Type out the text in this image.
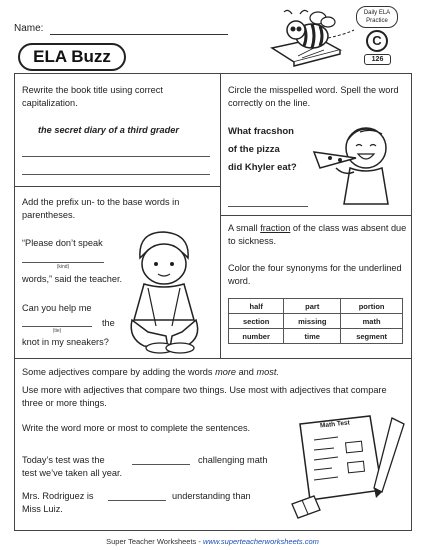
Name:
ELA Buzz
Daily ELA
Practice
C
126
Rewrite the book title using correct capitalization.
the secret diary of a third grader
Circle the misspelled word. Spell the word correctly on the line.
What fracshon
of the pizza
did Khyler eat?
Add the prefix un- to the base words in parentheses.
“Please don’t speak
(kind)
words,” said the teacher.
Can you help me
(tie)
the
knot in my sneakers?
A small fraction of the class was absent due to sickness.
Color the four synonyms for the underlined word.
half	part	portion
section	missing	math
number	time	segment
Some adjectives compare by adding the words more and most.
Use more with adjectives that compare two things. Use most with adjectives that compare three or more things.
Write the word more or most to complete the sentences.
Today’s test was the	challenging math
test we’ve taken all year.
Mrs. Rodriguez is	understanding than
Miss Luiz.
Math Test
Super Teacher Worksheets - www.superteacherworksheets.com
